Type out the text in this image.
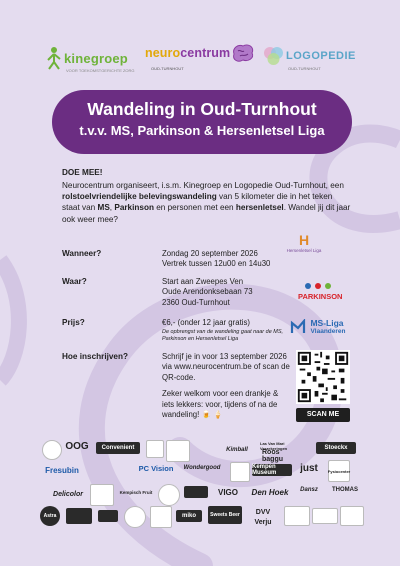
kinegroep
VOOR TOEKOMSTGERICHTE ZORG
neurocentrum
OUD-TURNHOUT
LOGOPEDIE
OUD-TURNHOUT
Wandeling in Oud-Turnhout
t.v.v. MS, Parkinson & Hersenletsel Liga
DOE MEE!
Neurocentrum organiseert, i.s.m. Kinegroep en Logopedie Oud-Turnhout, een rolstoelvriendelijke belevingswandeling van 5 kilometer die in het teken staat van MS, Parkinson en personen met een hersenletsel. Wandel jij dit jaar ook weer mee?
Wanneer?	Zondag 20 september 2026
Vertrek tussen 12u00 en 14u30
Waar?	Start aan Zweepes Ven
Oude Arendonksebaan 73
2360 Oud-Turnhout
Prijs?	€6,- (onder 12 jaar gratis)
De opbrengst van de wandeling gaat naar de MS, Parkinson en Hersenletsel Liga
Hoe inschrijven?	Schrijf je in voor 13 september 2026 via www.neurocentrum.be of scan de QR-code.
Zeker welkom voor een drankje & iets lekkers: voor, tijdens of na de wandeling! 🍺 🍦
H
Hersenletsel Liga
PARKINSON

MS-Liga
Vlaanderen
SCAN ME
OOG	Convenient	Kimball
Las Van Mari Verzekeringen
Roos baggu
Stoeckx
Fresubin	PC Vision	Wondergood	Kempen Museum	just	Fysiocenter
Delicolor	Kempisch Fruit	VIGO	Den Hoek	Dansz	THOMAS
Astra	miko	Sweets Beer	DVV
Verju
